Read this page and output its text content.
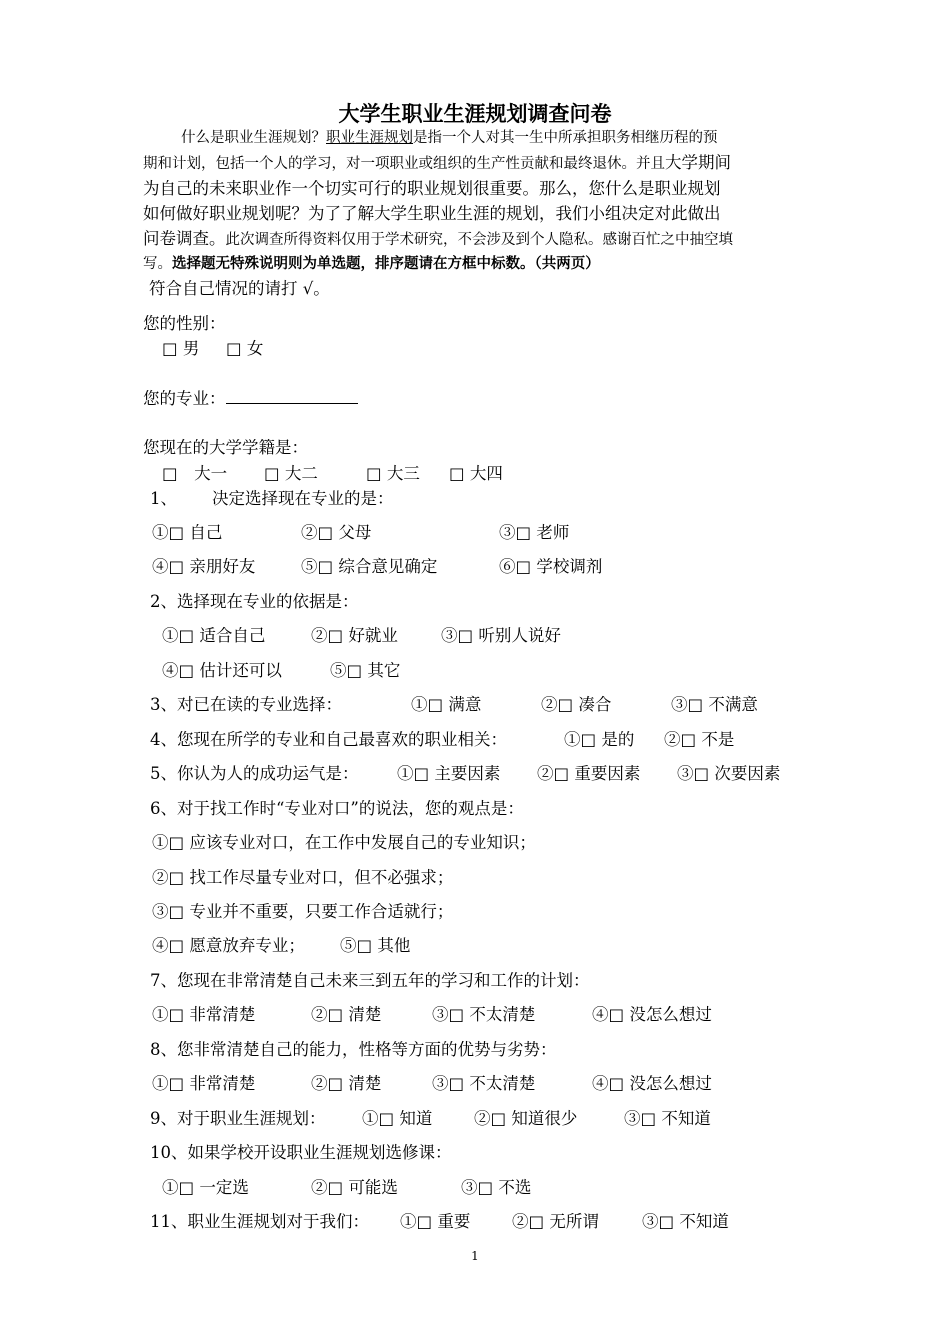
大学生职业生涯规划调查问卷
什么是职业生涯规划？职业生涯规划是指一个人对其一生中所承担职务相继历程的预
期和计划，包括一个人的学习，对一项职业或组织的生产性贡献和最终退休。并且大学期间
为自己的未来职业作一个切实可行的职业规划很重要。那么，您什么是职业规划
如何做好职业规划呢？为了了解大学生职业生涯的规划，我们小组决定对此做出
问卷调查。此次调查所得资料仅用于学术研究，不会涉及到个人隐私。感谢百忙之中抽空填
写。选择题无特殊说明则为单选题，排序题请在方框中标数。（共两页）
符合自己情况的请打 √。
您的性别：
□ 男 □ 女
您的专业：
您现在的大学学籍是：
□　大一 □ 大二	□ 大三 □ 大四
1、 决定选择现在专业的是：
①□ 自己	②□ 父母	③□ 老师
④□ 亲朋好友	⑤□ 综合意见确定	⑥□ 学校调剂
2、选择现在专业的依据是：
①□ 适合自己	②□ 好就业	③□ 听别人说好
④□ 估计还可以	⑤□ 其它
3、对已在读的专业选择：	①□ 满意	②□ 凑合	③□ 不满意
4、您现在所学的专业和自己最喜欢的职业相关：	①□ 是的 ②□ 不是
5、你认为人的成功运气是： ①□ 主要因素 ②□ 重要因素 ③□ 次要因素
6、对于找工作时“专业对口”的说法，您的观点是：
①□ 应该专业对口，在工作中发展自己的专业知识；
②□ 找工作尽量专业对口，但不必强求；
③□ 专业并不重要，只要工作合适就行；
④□ 愿意放弃专业； ⑤□ 其他
7、您现在非常清楚自己未来三到五年的学习和工作的计划：
①□ 非常清楚	②□ 清楚	③□ 不太清楚	④□ 没怎么想过
8、您非常清楚自己的能力，性格等方面的优势与劣势：
①□ 非常清楚	②□ 清楚	③□ 不太清楚	④□ 没怎么想过
9、对于职业生涯规划： ①□ 知道	②□ 知道很少	③□ 不知道
10、如果学校开设职业生涯规划选修课：
①□ 一定选	②□ 可能选	③□ 不选
11、职业生涯规划对于我们： ①□ 重要	②□ 无所谓	③□ 不知道
1
